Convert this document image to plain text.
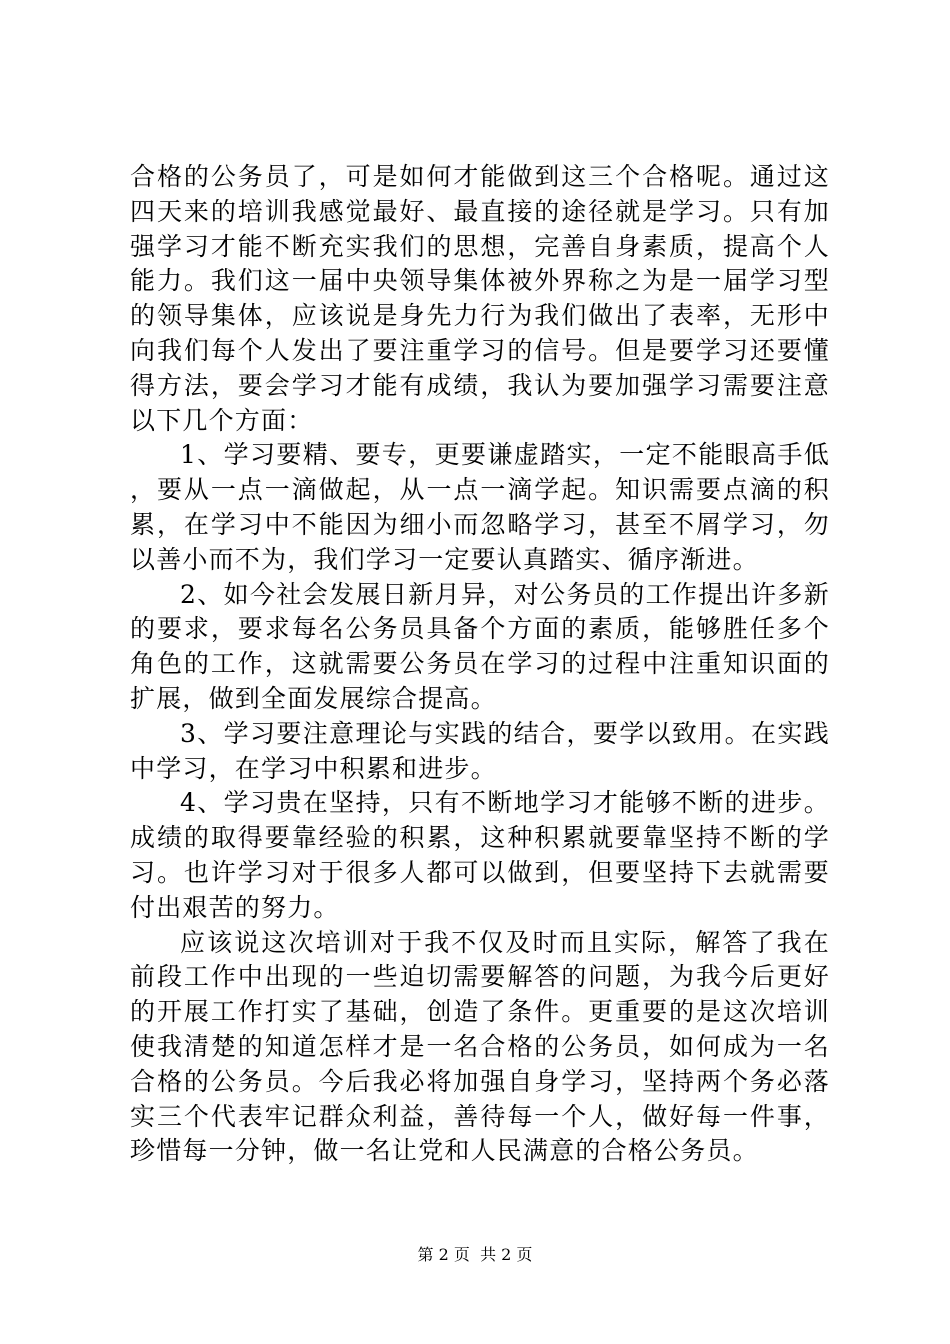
合格的公务员了，可是如何才能做到这三个合格呢。通过这四天来的培训我感觉最好、最直接的途径就是学习。只有加强学习才能不断充实我们的思想，完善自身素质，提高个人能力。我们这一届中央领导集体被外界称之为是一届学习型的领导集体，应该说是身先力行为我们做出了表率，无形中向我们每个人发出了要注重学习的信号。但是要学习还要懂得方法，要会学习才能有成绩，我认为要加强学习需要注意以下几个方面：

1、学习要精、要专，更要谦虚踏实，一定不能眼高手低，要从一点一滴做起，从一点一滴学起。知识需要点滴的积累，在学习中不能因为细小而忽略学习，甚至不屑学习，勿以善小而不为，我们学习一定要认真踏实、循序渐进。

2、如今社会发展日新月异，对公务员的工作提出许多新的要求，要求每名公务员具备个方面的素质，能够胜任多个角色的工作，这就需要公务员在学习的过程中注重知识面的扩展，做到全面发展综合提高。

3、学习要注意理论与实践的结合，要学以致用。在实践中学习，在学习中积累和进步。

4、学习贵在坚持，只有不断地学习才能够不断的进步。成绩的取得要靠经验的积累，这种积累就要靠坚持不断的学习。也许学习对于很多人都可以做到，但要坚持下去就需要付出艰苦的努力。

应该说这次培训对于我不仅及时而且实际，解答了我在前段工作中出现的一些迫切需要解答的问题，为我今后更好的开展工作打实了基础，创造了条件。更重要的是这次培训使我清楚的知道怎样才是一名合格的公务员，如何成为一名合格的公务员。今后我必将加强自身学习，坚持两个务必落实三个代表牢记群众利益，善待每一个人，做好每一件事，珍惜每一分钟，做一名让党和人民满意的合格公务员。

第 2 页  共 2 页
